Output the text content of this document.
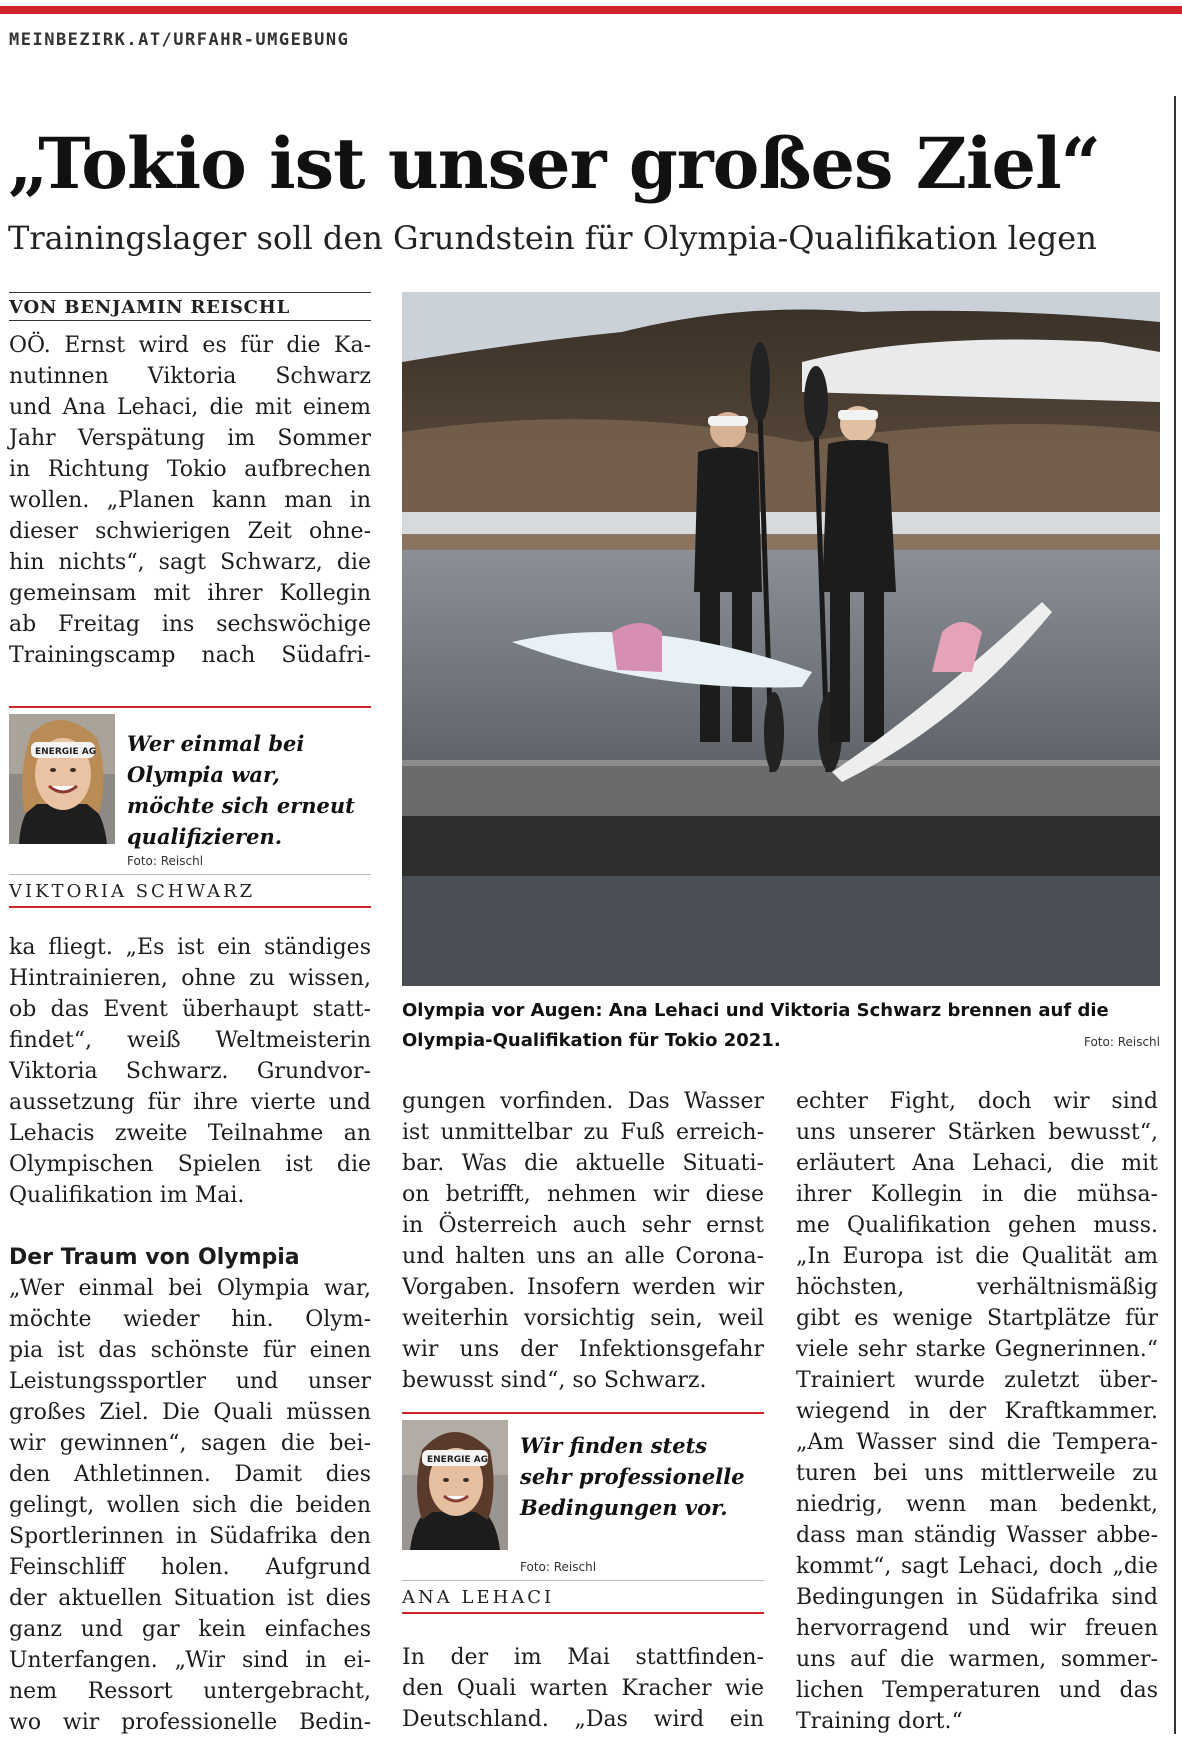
MEINBEZIRK.AT/URFAHR-UMGEBUNG
„Tokio ist unser großes Ziel“
Trainingslager soll den Grundstein für Olympia-Qualifikation legen
VON BENJAMIN REISCHL
OÖ. Ernst wird es für die Ka-
nutinnen Viktoria Schwarz
und Ana Lehaci, die mit einem
Jahr Verspätung im Sommer
in Richtung Tokio aufbrechen
wollen. „Planen kann man in
dieser schwierigen Zeit ohne-
hin nichts“, sagt Schwarz, die
gemeinsam mit ihrer Kollegin
ab Freitag ins sechswöchige
Trainingscamp nach Südafri-
ENERGIE AG Wer einmal bei Olympia war, möchte sich erneut qualifizieren.
Foto: Reischl
VIKTORIA SCHWARZ
ka fliegt. „Es ist ein ständiges
Hintrainieren, ohne zu wissen,
ob das Event überhaupt statt-
findet“, weiß Weltmeisterin
Viktoria Schwarz. Grundvor-
aussetzung für ihre vierte und
Lehacis zweite Teilnahme an
Olympischen Spielen ist die
Qualifikation im Mai.
Der Traum von Olympia
„Wer einmal bei Olympia war,
möchte wieder hin. Olym-
pia ist das schönste für einen
Leistungssportler und unser
großes Ziel. Die Quali müssen
wir gewinnen“, sagen die bei-
den Athletinnen. Damit dies
gelingt, wollen sich die beiden
Sportlerinnen in Südafrika den
Feinschliff holen. Aufgrund
der aktuellen Situation ist dies
ganz und gar kein einfaches
Unterfangen. „Wir sind in ei-
nem Ressort untergebracht,
wo wir professionelle Bedin-
Olympia vor Augen: Ana Lehaci und Viktoria Schwarz brennen auf die Olympia-Qualifikation für Tokio 2021.	Foto: Reischl
gungen vorfinden. Das Wasser
ist unmittelbar zu Fuß erreich-
bar. Was die aktuelle Situati-
on betrifft, nehmen wir diese
in Österreich auch sehr ernst
und halten uns an alle Corona-
Vorgaben. Insofern werden wir
weiterhin vorsichtig sein, weil
wir uns der Infektionsgefahr
bewusst sind“, so Schwarz.
ENERGIE AG
Wir finden stets sehr professionelle Bedingungen vor.
Foto: Reischl
ANA LEHACI
In der im Mai stattfinden-
den Quali warten Kracher wie
Deutschland. „Das wird ein
echter Fight, doch wir sind
uns unserer Stärken bewusst“,
erläutert Ana Lehaci, die mit
ihrer Kollegin in die mühsa-
me Qualifikation gehen muss.
„In Europa ist die Qualität am
höchsten, verhältnismäßig
gibt es wenige Startplätze für
viele sehr starke Gegnerinnen.“
Trainiert wurde zuletzt über-
wiegend in der Kraftkammer.
„Am Wasser sind die Tempera-
turen bei uns mittlerweile zu
niedrig, wenn man bedenkt,
dass man ständig Wasser abbe-
kommt“, sagt Lehaci, doch „die
Bedingungen in Südafrika sind
hervorragend und wir freuen
uns auf die warmen, sommer-
lichen Temperaturen und das
Training dort.“
